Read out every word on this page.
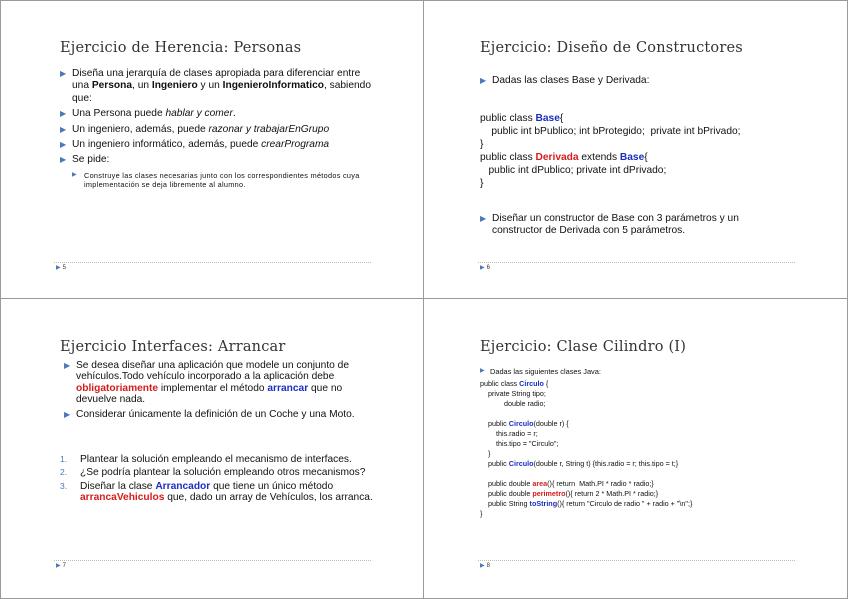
Ejercicio de Herencia: Personas
▶ Diseña una jerarquía de clases apropiada para diferenciar entre una Persona, un Ingeniero y un IngenieroInformatico, sabiendo que:
▶ Una Persona puede hablar y comer.
▶ Un ingeniero, además, puede razonar y trabajarEnGrupo
▶ Un ingeniero informático, además, puede crearPrograma
▶ Se pide:
▶ Construye las clases necesarias junto con los correspondientes métodos cuya implementación se deja libremente al alumno.
▶ 5
Ejercicio: Diseño de Constructores
▶ Dadas las clases Base y Derivada:
public class Base{
public int bPublico; int bProtegido;  private int bPrivado;
}
public class Derivada extends Base{
public int dPublico; private int dPrivado;
}
▶ Diseñar un constructor de Base con 3 parámetros y un constructor de Derivada con 5 parámetros.
▶ 6
Ejercicio Interfaces: Arrancar
▶ Se desea diseñar una aplicación que modele un conjunto de vehículos.Todo vehículo incorporado a la aplicación debe obligatoriamente implementar el método arrancar que no devuelve nada.
▶ Considerar únicamente la definición de un Coche y una Moto.
1. Plantear la solución empleando el mecanismo de interfaces.
2. ¿Se podría plantear la solución empleando otros mecanismos?
3. Diseñar la clase Arrancador que tiene un único método arrancaVehiculos que, dado un array de Vehículos, los arranca.
▶ 7
Ejercicio: Clase Cilindro (I)
▶ Dadas las siguientes clases Java:
public class Circulo {
private String tipo;
double radio;
public Circulo(double r) {
this.radio = r;
this.tipo = "Circulo";
}
public Circulo(double r, String t) {this.radio = r; this.tipo = t;}
public double area(){ return  Math.PI * radio * radio;}
public double perimetro(){ return 2 * Math.PI * radio;}
public String toString(){ return "Circulo de radio " + radio + "\n";}
}
▶ 8
